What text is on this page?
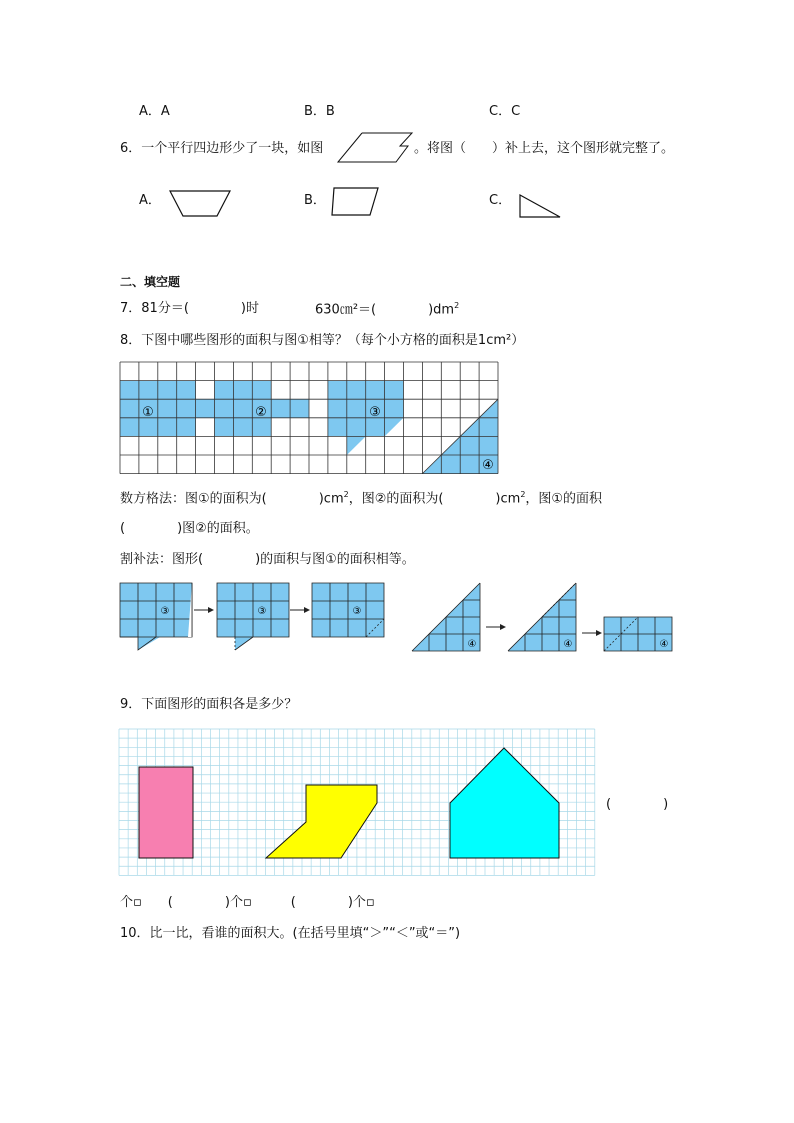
A．A	B．B	C．C
6．一个平行四边形少了一块，如图	。将图（　　）补上去，这个图形就完整了。
A．	B．	C．
二、填空题
7．81分＝(　　　　)时	630㎝²＝(　　　　)$dm^2$
8．下图中哪些图形的面积与图①相等？（每个小方格的面积是1cm²）
①	②	③
④
数方格法：图①的面积为(　　　　)$cm^2$，图②的面积为(　　　　)$cm^2$，图①的面积
(　　　　)图②的面积。
割补法：图形(　　　　)的面积与图①的面积相等。
③	③	③
④	④	④
9．下面图形的面积各是多少？
(　　　　)
个▫　　(　　　　)个▫　　　(　　　　)个▫
10．比一比，看谁的面积大。(在括号里填“＞”“＜”或“＝”)
